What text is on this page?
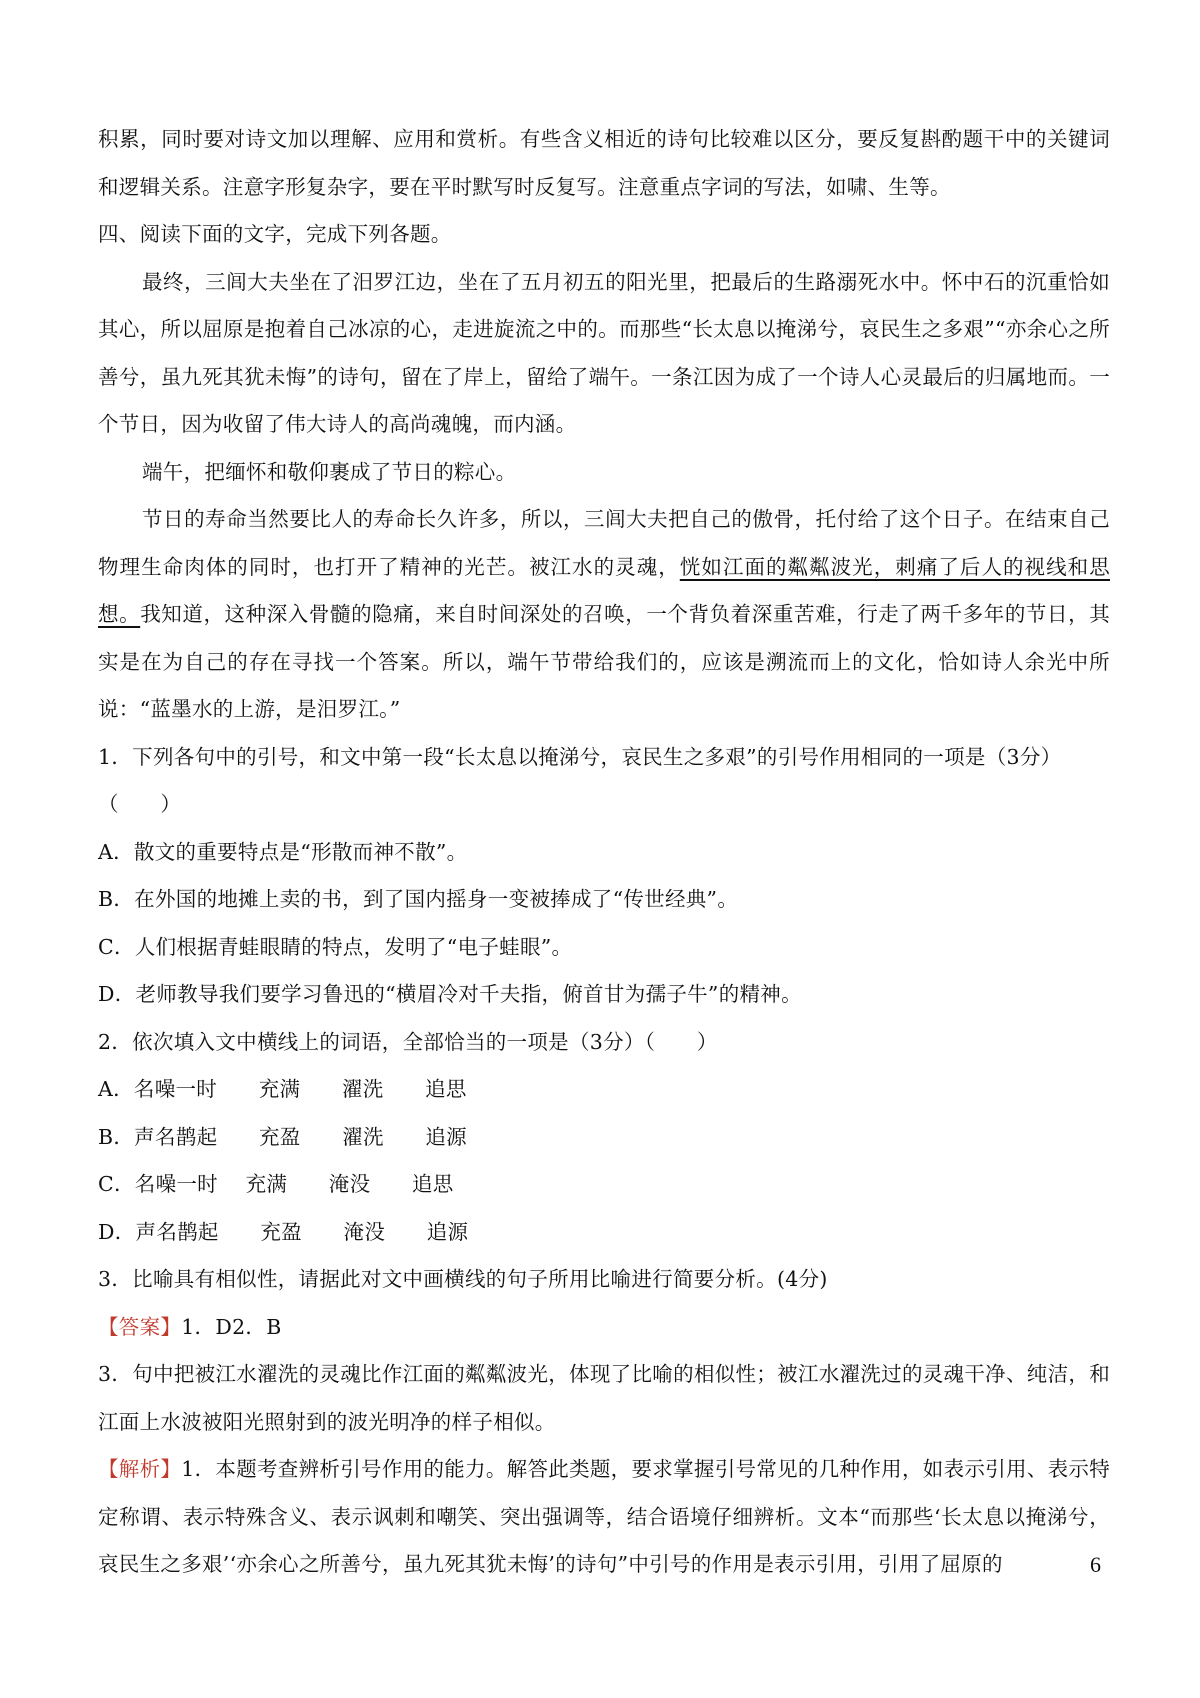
积累，同时要对诗文加以理解、应用和赏析。有些含义相近的诗句比较难以区分，要反复斟酌题干中的关键词和逻辑关系。注意字形复杂字，要在平时默写时反复写。注意重点字词的写法，如啸、生等。

四、阅读下面的文字，完成下列各题。

最终，三闾大夫坐在了汨罗江边，坐在了五月初五的阳光里，把最后的生路溺死水中。怀中石的沉重恰如其心，所以屈原是抱着自己冰凉的心，走进旋流之中的。而那些“长太息以掩涕兮，哀民生之多艰”“亦余心之所善兮，虽九死其犹未悔”的诗句，留在了岸上，留给了端午。一条江因为成了一个诗人心灵最后的归属地而。一个节日，因为收留了伟大诗人的高尚魂魄，而内涵。

端午，把缅怀和敬仰裹成了节日的粽心。

节日的寿命当然要比人的寿命长久许多，所以，三闾大夫把自己的傲骨，托付给了这个日子。在结束自己物理生命肉体的同时，也打开了精神的光芒。被江水的灵魂，恍如江面的粼粼波光，刺痛了后人的视线和思想。我知道，这种深入骨髓的隐痛，来自时间深处的召唤，一个背负着深重苦难，行走了两千多年的节日，其实是在为自己的存在寻找一个答案。所以，端午节带给我们的，应该是溯流而上的文化，恰如诗人余光中所说：“蓝墨水的上游，是汨罗江。”

1．下列各句中的引号，和文中第一段“长太息以掩涕兮，哀民生之多艰”的引号作用相同的一项是（3分）

（　　）

A．散文的重要特点是“形散而神不散”。

B．在外国的地摊上卖的书，到了国内摇身一变被捧成了“传世经典”。

C．人们根据青蛙眼睛的特点，发明了“电子蛙眼”。

D．老师教导我们要学习鲁迅的“横眉冷对千夫指，俯首甘为孺子牛”的精神。

2．依次填入文中横线上的词语，全部恰当的一项是（3分）（　　）

A．名噪一时　　充满　　濯洗　　追思

B．声名鹊起　　充盈　　濯洗　　追源

C．名噪一时　 充满　　淹没　　追思

D．声名鹊起　　充盈　　淹没　　追源

3．比喻具有相似性，请据此对文中画横线的句子所用比喻进行简要分析。(4分)

【答案】1．D2．B

3．句中把被江水濯洗的灵魂比作江面的粼粼波光，体现了比喻的相似性；被江水濯洗过的灵魂干净、纯洁，和江面上水波被阳光照射到的波光明净的样子相似。

【解析】1．本题考查辨析引号作用的能力。解答此类题，要求掌握引号常见的几种作用，如表示引用、表示特定称谓、表示特殊含义、表示讽刺和嘲笑、突出强调等，结合语境仔细辨析。文本“而那些‘长太息以掩涕兮，哀民生之多艰’‘亦余心之所善兮，虽九死其犹未悔’的诗句”中引号的作用是表示引用，引用了屈原的	6
